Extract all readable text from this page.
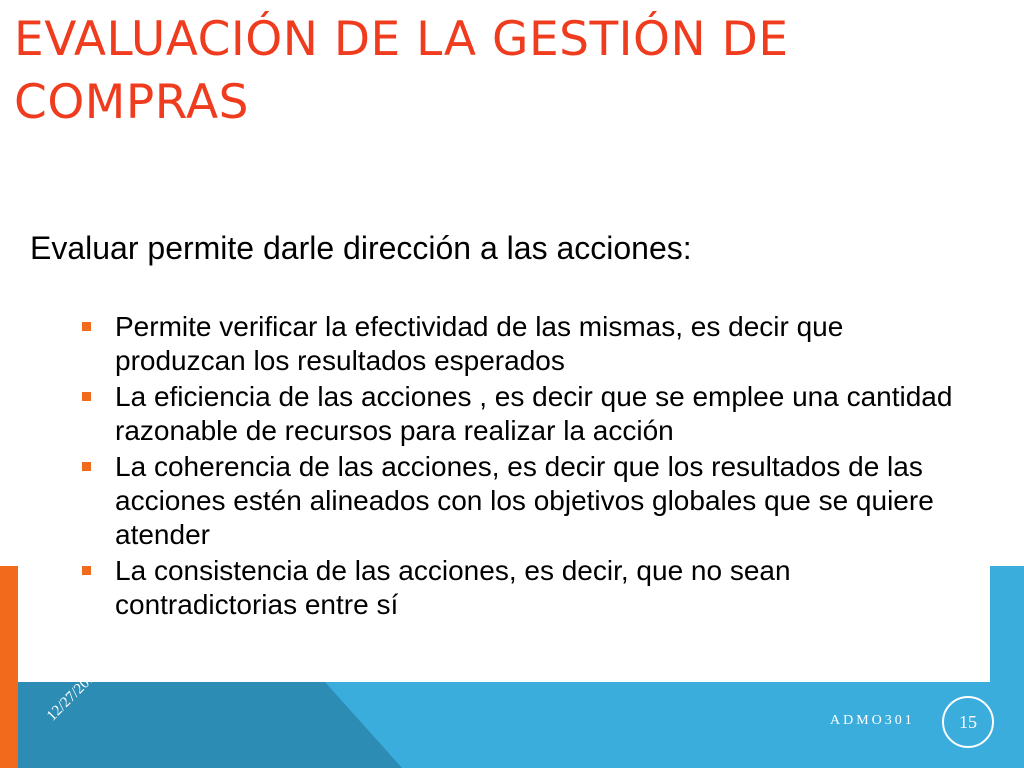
EVALUACIÓN DE LA GESTIÓN DE COMPRAS

Evaluar permite darle dirección a las acciones:

Permite verificar la efectividad de las mismas, es decir que produzcan los resultados esperados
La eficiencia de las acciones , es decir que se emplee una cantidad razonable de recursos para realizar la acción
La coherencia de las acciones, es decir que los resultados de las acciones estén alineados con los objetivos globales que se quiere atender
La consistencia de las acciones, es decir, que no sean contradictorias entre sí
12/27/2018	ADMO301	15
